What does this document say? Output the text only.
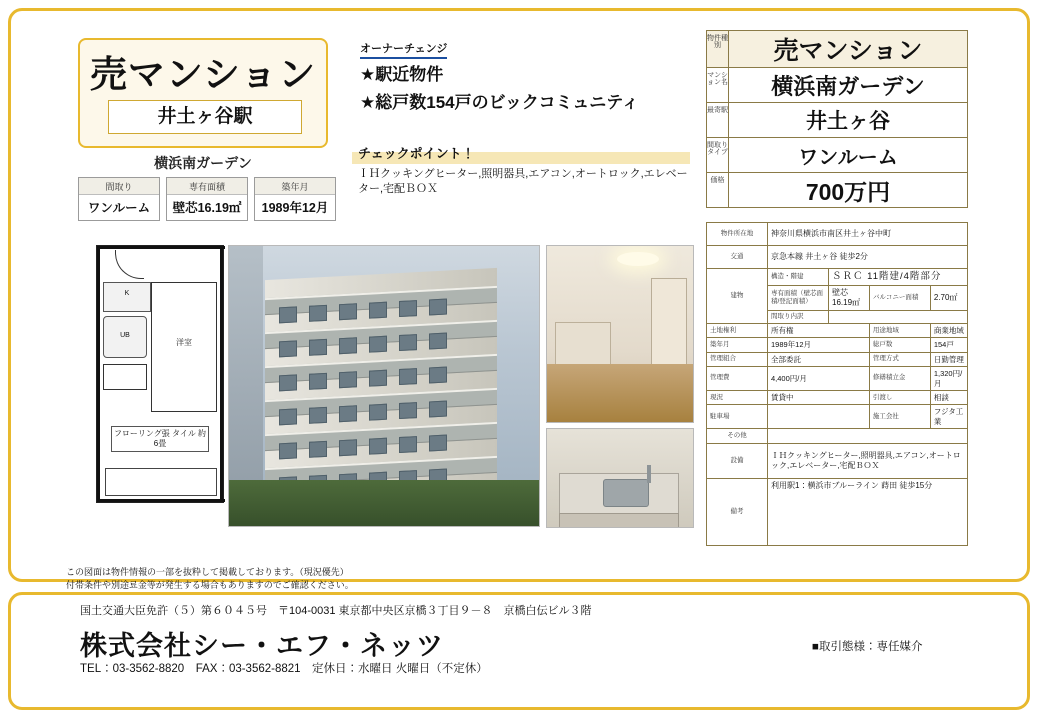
売マンション
井土ヶ谷駅
横浜南ガーデン
間取り
ワンルーム
専有面積
壁芯16.19㎡
築年月
1989年12月
オーナーチェンジ
★駅近物件
★総戸数154戸のビックコミュニティ
チェックポイント！
ＩＨクッキングヒーター,照明器具,エアコン,オートロック,エレベーター,宅配ＢＯＸ
K
UB
洋室
フローリング張 タイル 約6畳
物件種別	売マンション
マンション名	横浜南ガーデン
最寄駅	井土ヶ谷
間取りタイプ	ワンルーム
価格	700万円
物件所在地	神奈川県横浜市南区井土ヶ谷中町			
交通	京急本線 井土ヶ谷 徒歩2分			
建物	構造・階建	ＳＲＣ 11階建/4階部分		
	専有面積（壁芯面積/登記面積）	壁芯16.19㎡	バルコニー面積	2.70㎡
	間取り内訳			
土地権利	所有権		用途地域	商業地域
築年月	1989年12月		総戸数	154戸
管理組合	全部委託		管理方式	日勤管理
管理費	4,400円/月		修繕積立金	1,320円/月
現況	賃貸中		引渡し	相談
駐車場			施工会社	フジタ工業
その他				
設備	ＩＨクッキングヒーター,照明器具,エアコン,オートロック,エレベーター,宅配ＢＯＸ			
備考	利用駅1：横浜市ブルーライン 蒔田 徒歩15分			
この図面は物件情報の一部を抜粋して掲載しております。（現況優先）
付帯条件や別途료金等が発生する場合もありますのでご確認ください。
国土交通大臣免許（５）第６０４５号　〒104-0031 東京都中央区京橋３丁目９－８　京橋白伝ビル３階
株式会社シー・エフ・ネッツ
TEL：03-3562-8820　FAX：03-3562-8821　定休日：水曜日 火曜日（不定休）
■取引態様：専任媒介
